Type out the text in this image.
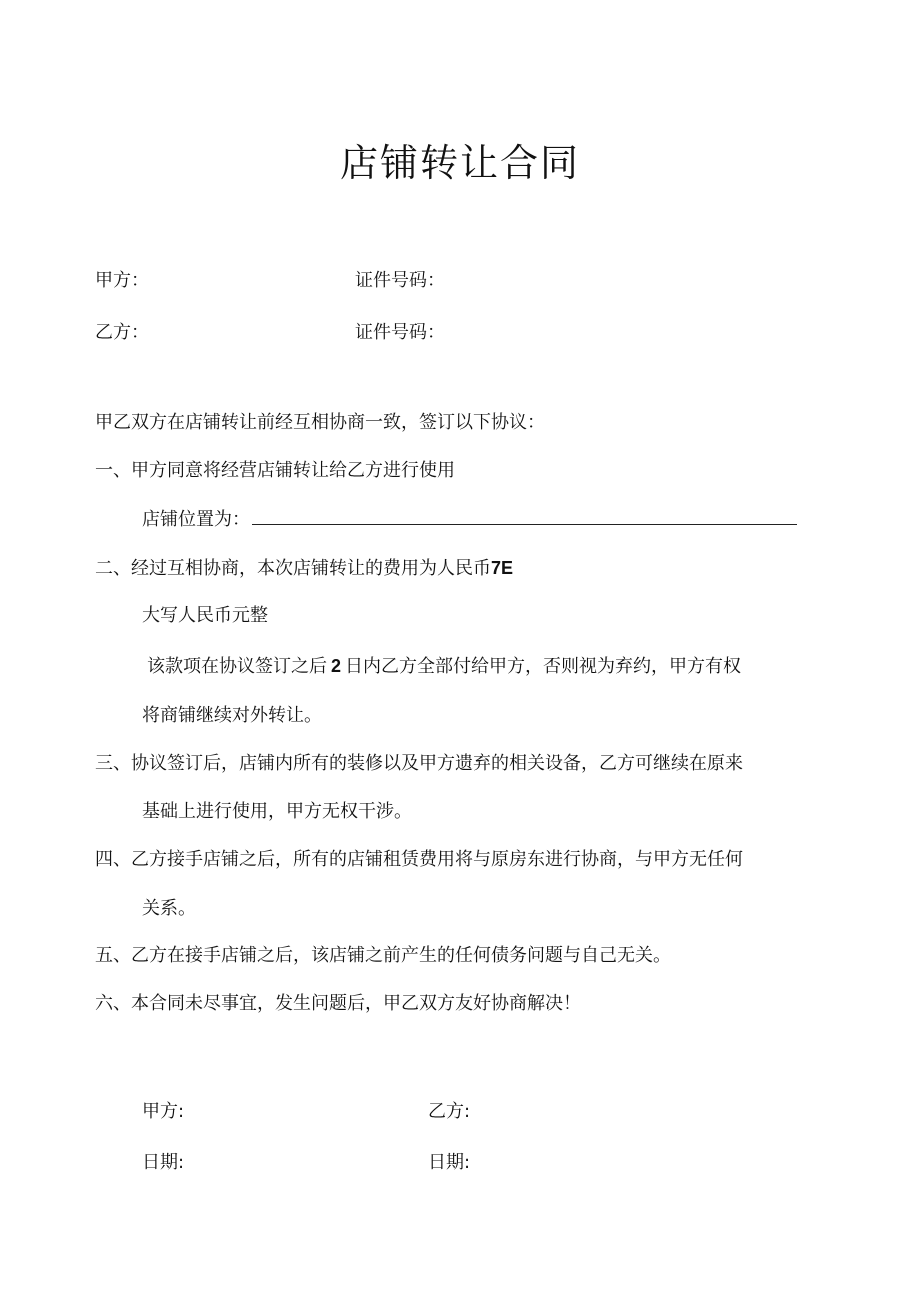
店铺转让合同
甲方：	证件号码：
乙方：	证件号码：
甲乙双方在店铺转让前经互相协商一致，签订以下协议：
一、甲方同意将经营店铺转让给乙方进行使用
店铺位置为：
二、经过互相协商，本次店铺转让的费用为人民币7E
大写人民币元整
该款项在协议签订之后 2 日内乙方全部付给甲方，否则视为弃约，甲方有权
将商铺继续对外转让。
三、协议签订后，店铺内所有的装修以及甲方遗弃的相关设备，乙方可继续在原来
基础上进行使用，甲方无权干涉。
四、乙方接手店铺之后，所有的店铺租赁费用将与原房东进行协商，与甲方无任何
关系。
五、乙方在接手店铺之后，该店铺之前产生的任何债务问题与自己无关。
六、本合同未尽事宜，发生问题后，甲乙双方友好协商解决！
甲方:	乙方:
日期:	日期:
